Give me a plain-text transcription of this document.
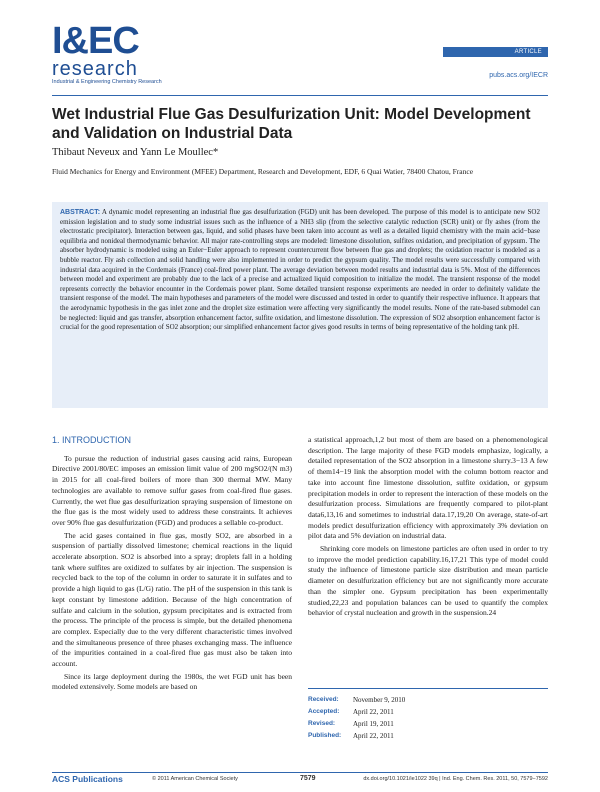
I&EC
research
Industrial & Engineering Chemistry Research
ARTICLE
pubs.acs.org/IECR
Wet Industrial Flue Gas Desulfurization Unit: Model Development and Validation on Industrial Data
Thibaut Neveux and Yann Le Moullec*
Fluid Mechanics for Energy and Environment (MFEE) Department, Research and Development, EDF, 6 Quai Watier, 78400 Chatou, France
ABSTRACT: A dynamic model representing an industrial flue gas desulfurization (FGD) unit has been developed. The purpose of this model is to anticipate new SO2 emission legislation and to study some industrial issues such as the influence of a NH3 slip (from the selective catalytic reduction (SCR) unit) or fly ashes (from the electrostatic precipitator). Interaction between gas, liquid, and solid phases have been taken into account as well as a detailed liquid chemistry with the main acid−base equilibria and nonideal thermodynamic behavior. All major rate-controlling steps are modeled: limestone dissolution, sulfites oxidation, and precipitation of gypsum. The absorber hydrodynamic is modeled using an Euler−Euler approach to represent countercurrent flow between flue gas and droplets; the oxidation reactor is modeled as a bubble reactor. Fly ash collection and solid handling were also implemented in order to predict the gypsum quality. The model results were successfully compared with industrial data acquired in the Cordemais (France) coal-fired power plant. The average deviation between model results and industrial data is 5%. Most of the differences between model and experiment are probably due to the lack of a precise and actualized liquid composition to initialize the model. The transient response of the model represents correctly the behavior encounter in the Cordemais power plant. Some detailed transient response experiments are needed in order to definitely validate the transient response of the model. The main hypotheses and parameters of the model were discussed and tested in order to quantify their respective influence. It appears that the aerodynamic hypothesis in the gas inlet zone and the droplet size estimation were affecting very significantly the model results. None of the rate-based submodel can be neglected: liquid and gas transfer, absorption enhancement factor, sulfite oxidation, and limestone dissolution. The expression of SO2 absorption enhancement factor is crucial for the good representation of SO2 absorption; our simplified enhancement factor gives good results in terms of being representative of the holding tank pH.
1. INTRODUCTION

To pursue the reduction of industrial gases causing acid rains, European Directive 2001/80/EC imposes an emission limit value of 200 mgSO2/(N m3) in 2015 for all coal-fired boilers of more than 300 thermal MW. Many technologies are available to remove sulfur gases from coal-fired flue gases. Currently, the wet flue gas desulfurization spraying suspension of limestone on the flue gas is the most widely used to address these constraints. It achieves over 90% flue gas desulfurization (FGD) and produces a sellable co-product.

The acid gases contained in flue gas, mostly SO2, are absorbed in a suspension of partially dissolved limestone; chemical reactions in the liquid accelerate absorption. SO2 is absorbed into a spray; droplets fall in a holding tank where sulfites are oxidized to sulfates by air injection. The suspension is recycled back to the top of the column in order to saturate it in sulfates and to provide a high liquid to gas (L/G) ratio. The pH of the suspension in this tank is kept constant by limestone addition. Because of the high concentration of sulfate and calcium in the solution, gypsum precipitates and is extracted from the process. The principle of the process is simple, but the detailed phenomena are complex. Especially due to the very different characteristic times involved and the simultaneous presence of three phases exchanging mass. The influence of the impurities contained in a coal-fired flue gas must also be taken into account.

Since its large deployment during the 1980s, the wet FGD unit has been modeled extensively. Some models are based on

a statistical approach,1,2 but most of them are based on a phenomenological description. The large majority of these FGD models emphasize, logically, a detailed representation of the SO2 absorption in a limestone slurry.3−13 A few of them14−19 link the absorption model with the column bottom reactor and take into account fine limestone dissolution, sulfite oxidation, or gypsum precipitation models in order to represent the interaction of these models on the desulfurization process. Simulations are frequently compared to pilot-plant data6,13,16 and sometimes to industrial data.17,19,20 On average, state-of-art models predict desulfurization efficiency with approximately 3% deviation on pilot data and 5% deviation on industrial data.

Shrinking core models on limestone particles are often used in order to try to improve the model prediction capability.16,17,21 This type of model could study the influence of limestone particle size distribution and mean particle diameter on desulfurization efficiency but are not significantly more accurate than the simpler one. Gypsum precipitation has been experimentally studied,22,23 and population balances can be used to quantify the complex behavior of crystal nucleation and growth in the suspension.24

Received:	November 9, 2010
Accepted:	April 22, 2011
Revised:	April 19, 2011
Published:	April 22, 2011
ACS Publications	© 2011 American Chemical Society	7579	dx.doi.org/10.1021/ie1022 39q | Ind. Eng. Chem. Res. 2011, 50, 7579−7592
